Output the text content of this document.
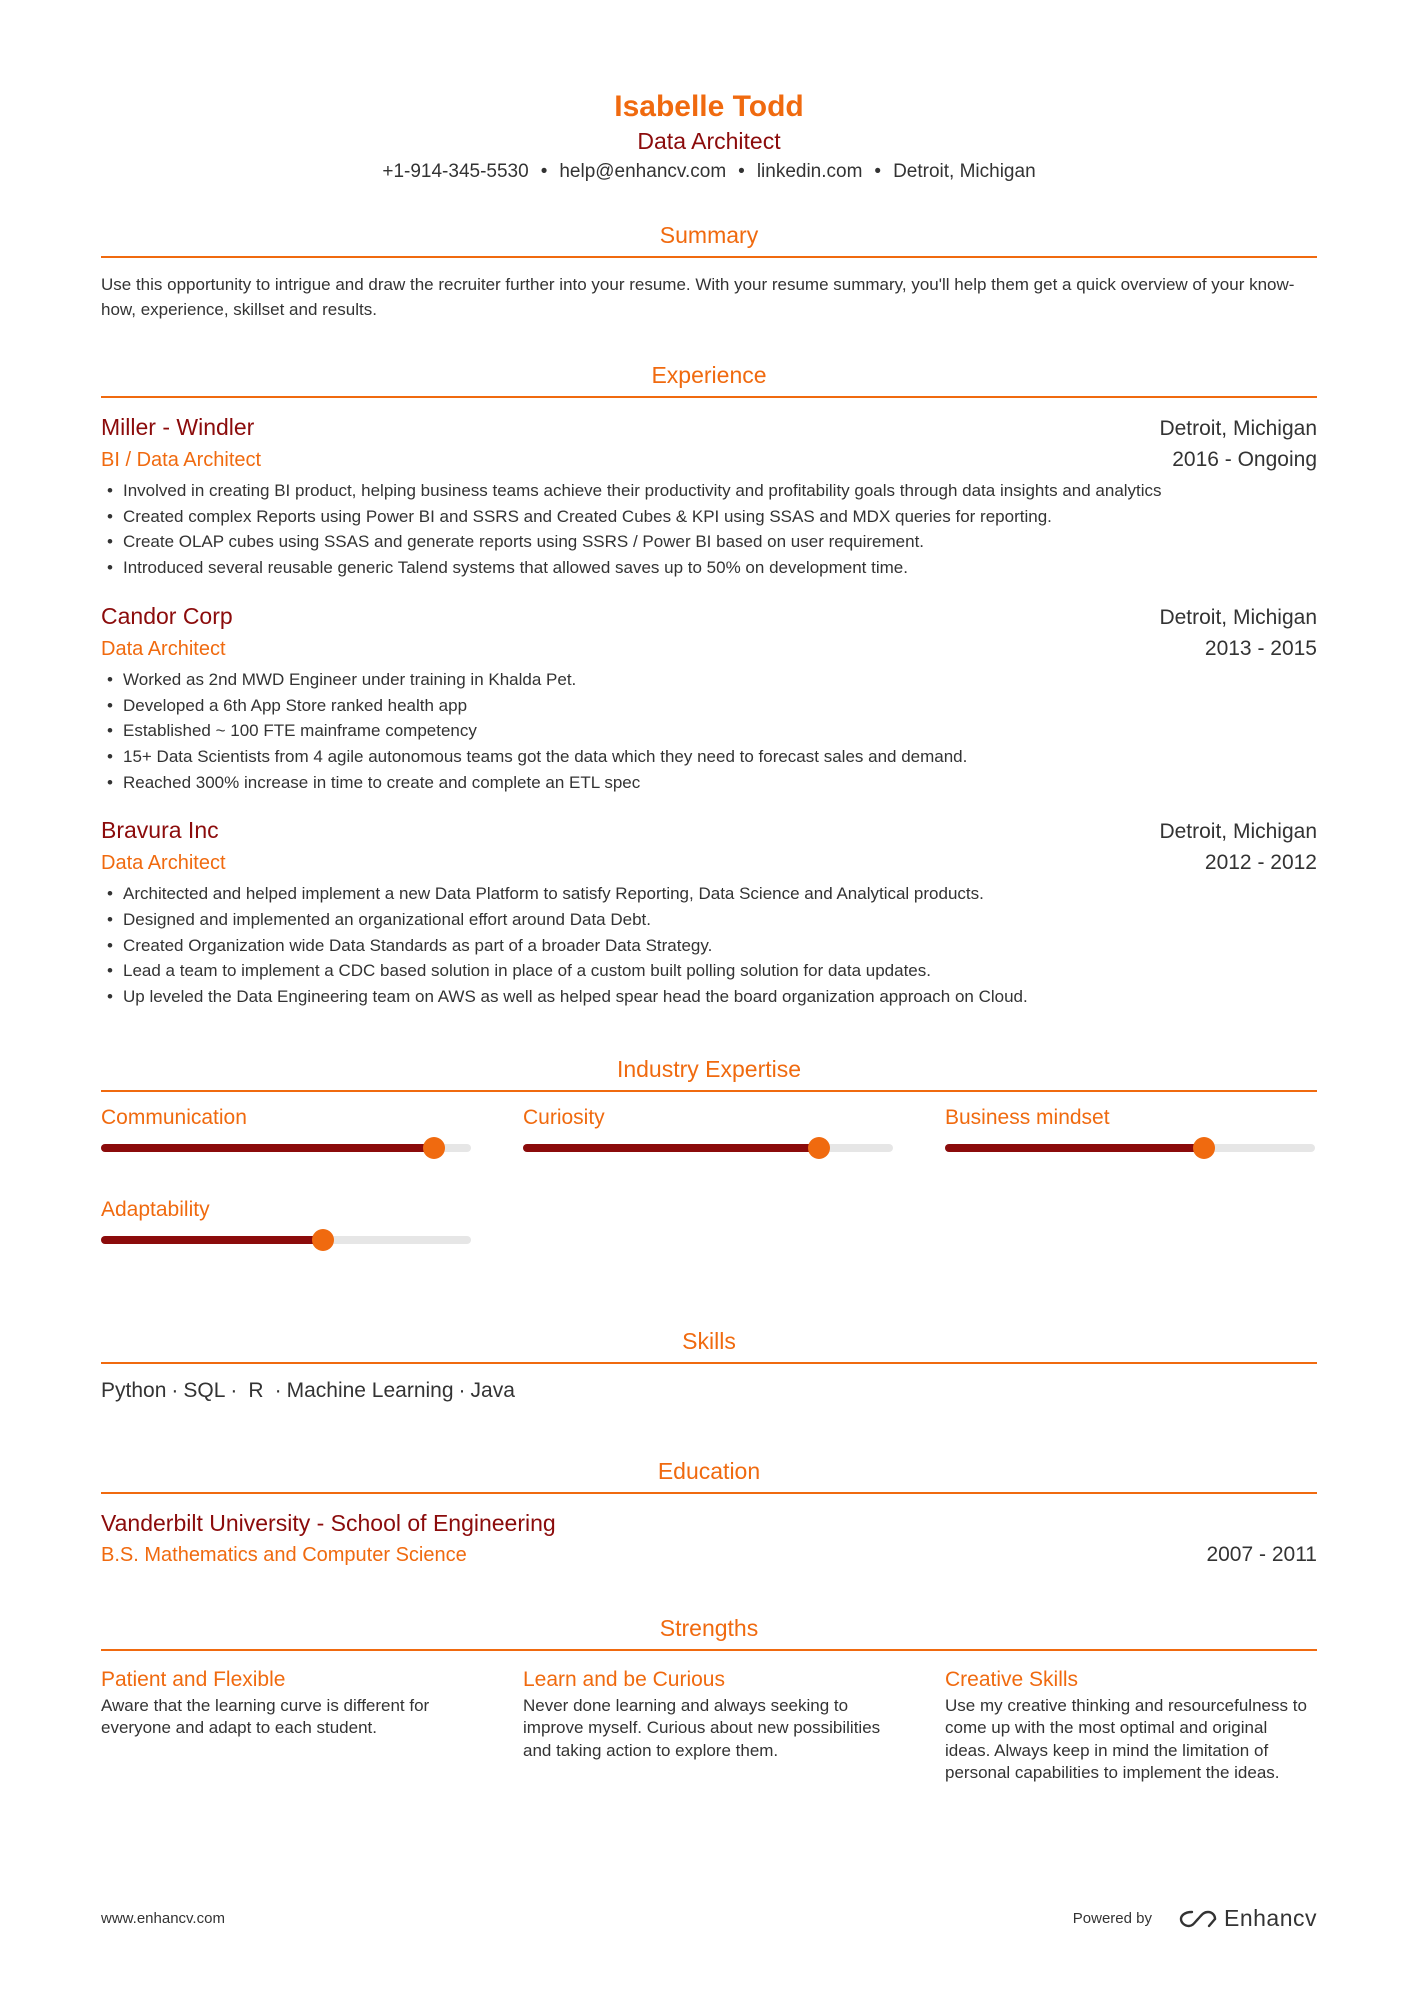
Isabelle Todd
Data Architect
+1-914-345-5530 • help@enhancv.com • linkedin.com • Detroit, Michigan
Summary
Use this opportunity to intrigue and draw the recruiter further into your resume. With your resume summary, you'll help them get a quick overview of your know-how, experience, skillset and results.
Experience
Miller - Windler	Detroit, Michigan
BI / Data Architect	2016 - Ongoing
• Involved in creating BI product, helping business teams achieve their productivity and profitability goals through data insights and analytics
• Created complex Reports using Power BI and SSRS and Created Cubes & KPI using SSAS and MDX queries for reporting.
• Create OLAP cubes using SSAS and generate reports using SSRS / Power BI based on user requirement.
• Introduced several reusable generic Talend systems that allowed saves up to 50% on development time.
Candor Corp	Detroit, Michigan
Data Architect	2013 - 2015
• Worked as 2nd MWD Engineer under training in Khalda Pet.
• Developed a 6th App Store ranked health app
• Established ~ 100 FTE mainframe competency
• 15+ Data Scientists from 4 agile autonomous teams got the data which they need to forecast sales and demand.
• Reached 300% increase in time to create and complete an ETL spec
Bravura Inc	Detroit, Michigan
Data Architect	2012 - 2012
• Architected and helped implement a new Data Platform to satisfy Reporting, Data Science and Analytical products.
• Designed and implemented an organizational effort around Data Debt.
• Created Organization wide Data Standards as part of a broader Data Strategy.
• Lead a team to implement a CDC based solution in place of a custom built polling solution for data updates.
• Up leveled the Data Engineering team on AWS as well as helped spear head the board organization approach on Cloud.
Industry Expertise
Communication	Curiosity	Business mindset
Adaptability
Skills
Python · SQL · R · Machine Learning · Java
Education
Vanderbilt University - School of Engineering
B.S. Mathematics and Computer Science	2007 - 2011
Strengths
Patient and Flexible
Aware that the learning curve is different for everyone and adapt to each student.
Learn and be Curious
Never done learning and always seeking to improve myself. Curious about new possibilities and taking action to explore them.
Creative Skills
Use my creative thinking and resourcefulness to come up with the most optimal and original ideas. Always keep in mind the limitation of personal capabilities to implement the ideas.
www.enhancv.com	Powered by	Enhancv
